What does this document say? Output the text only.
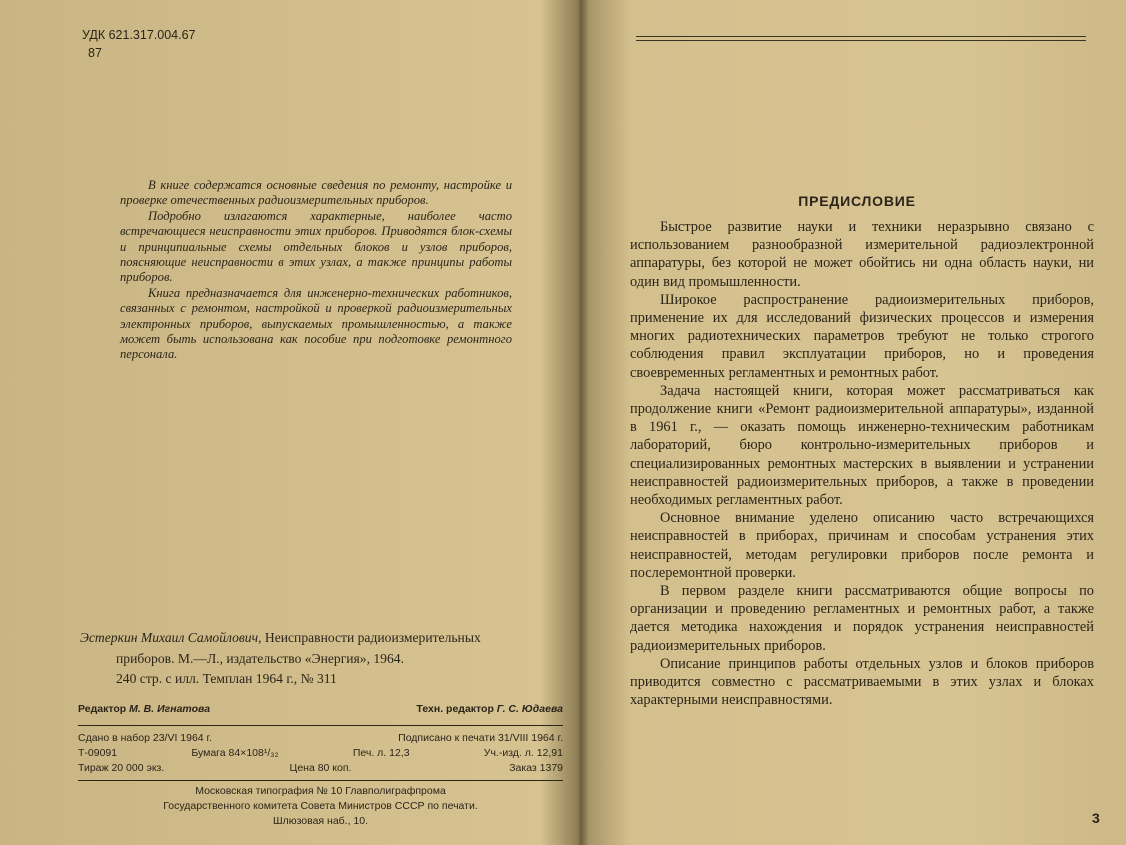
УДК 621.317.004.67
87

В книге содержатся основные сведения по ремонту, настройке и проверке отечественных радиоизмерительных приборов.

Подробно излагаются характерные, наиболее часто встречающиеся неисправности этих приборов. Приводятся блок-схемы и принципиальные схемы отдельных блоков и узлов приборов, поясняющие неисправности в этих узлах, а также принципы работы приборов.

Книга предназначается для инженерно-технических работников, связанных с ремонтом, настройкой и проверкой радиоизмерительных электронных приборов, выпускаемых промышленностью, а также может быть использована как пособие при подготовке ремонтного персонала.

Эстеркин Михаил Самойлович, Неисправности радиоизмерительных

приборов. М.—Л., издательство «Энергия», 1964.

240 стр. с илл. Темплан 1964 г., № 311

Редактор М. В. Игнатова	Техн. редактор Г. С. Юдаева
Сдано в набор 23/VI 1964 г.	Подписано к печати 31/VIII 1964 г.
Т-09091	Бумага 84×108¹/₃₂	Печ. л. 12,3	Уч.-изд. л. 12,91
Тираж 20 000 экз.	Цена 80 коп.	Заказ 1379
Московская типография № 10 Главполиграфпрома
Государственного комитета Совета Министров СССР по печати.
Шлюзовая наб., 10.
ПРЕДИСЛОВИЕ

Быстрое развитие науки и техники неразрывно связано с использованием разнообразной измерительной радиоэлектронной аппаратуры, без которой не может обойтись ни одна область науки, ни один вид промышленности.

Широкое распространение радиоизмерительных приборов, применение их для исследований физических процессов и измерения многих радиотехнических параметров требуют не только строгого соблюдения правил эксплуатации приборов, но и проведения своевременных регламентных и ремонтных работ.

Задача настоящей книги, которая может рассматриваться как продолжение книги «Ремонт радиоизмерительной аппаратуры», изданной в 1961 г., — оказать помощь инженерно-техническим работникам лабораторий, бюро контрольно-измерительных приборов и специализированных ремонтных мастерских в выявлении и устранении неисправностей радиоизмерительных приборов, а также в проведении необходимых регламентных работ.

Основное внимание уделено описанию часто встречающихся неисправностей в приборах, причинам и способам устранения этих неисправностей, методам регулировки приборов после ремонта и послеремонтной проверки.

В первом разделе книги рассматриваются общие вопросы по организации и проведению регламентных и ремонтных работ, а также дается методика нахождения и порядок устранения неисправностей радиоизмерительных приборов.

Описание принципов работы отдельных узлов и блоков приборов приводится совместно с рассматриваемыми в этих узлах и блоках характерными неисправностями.

3
